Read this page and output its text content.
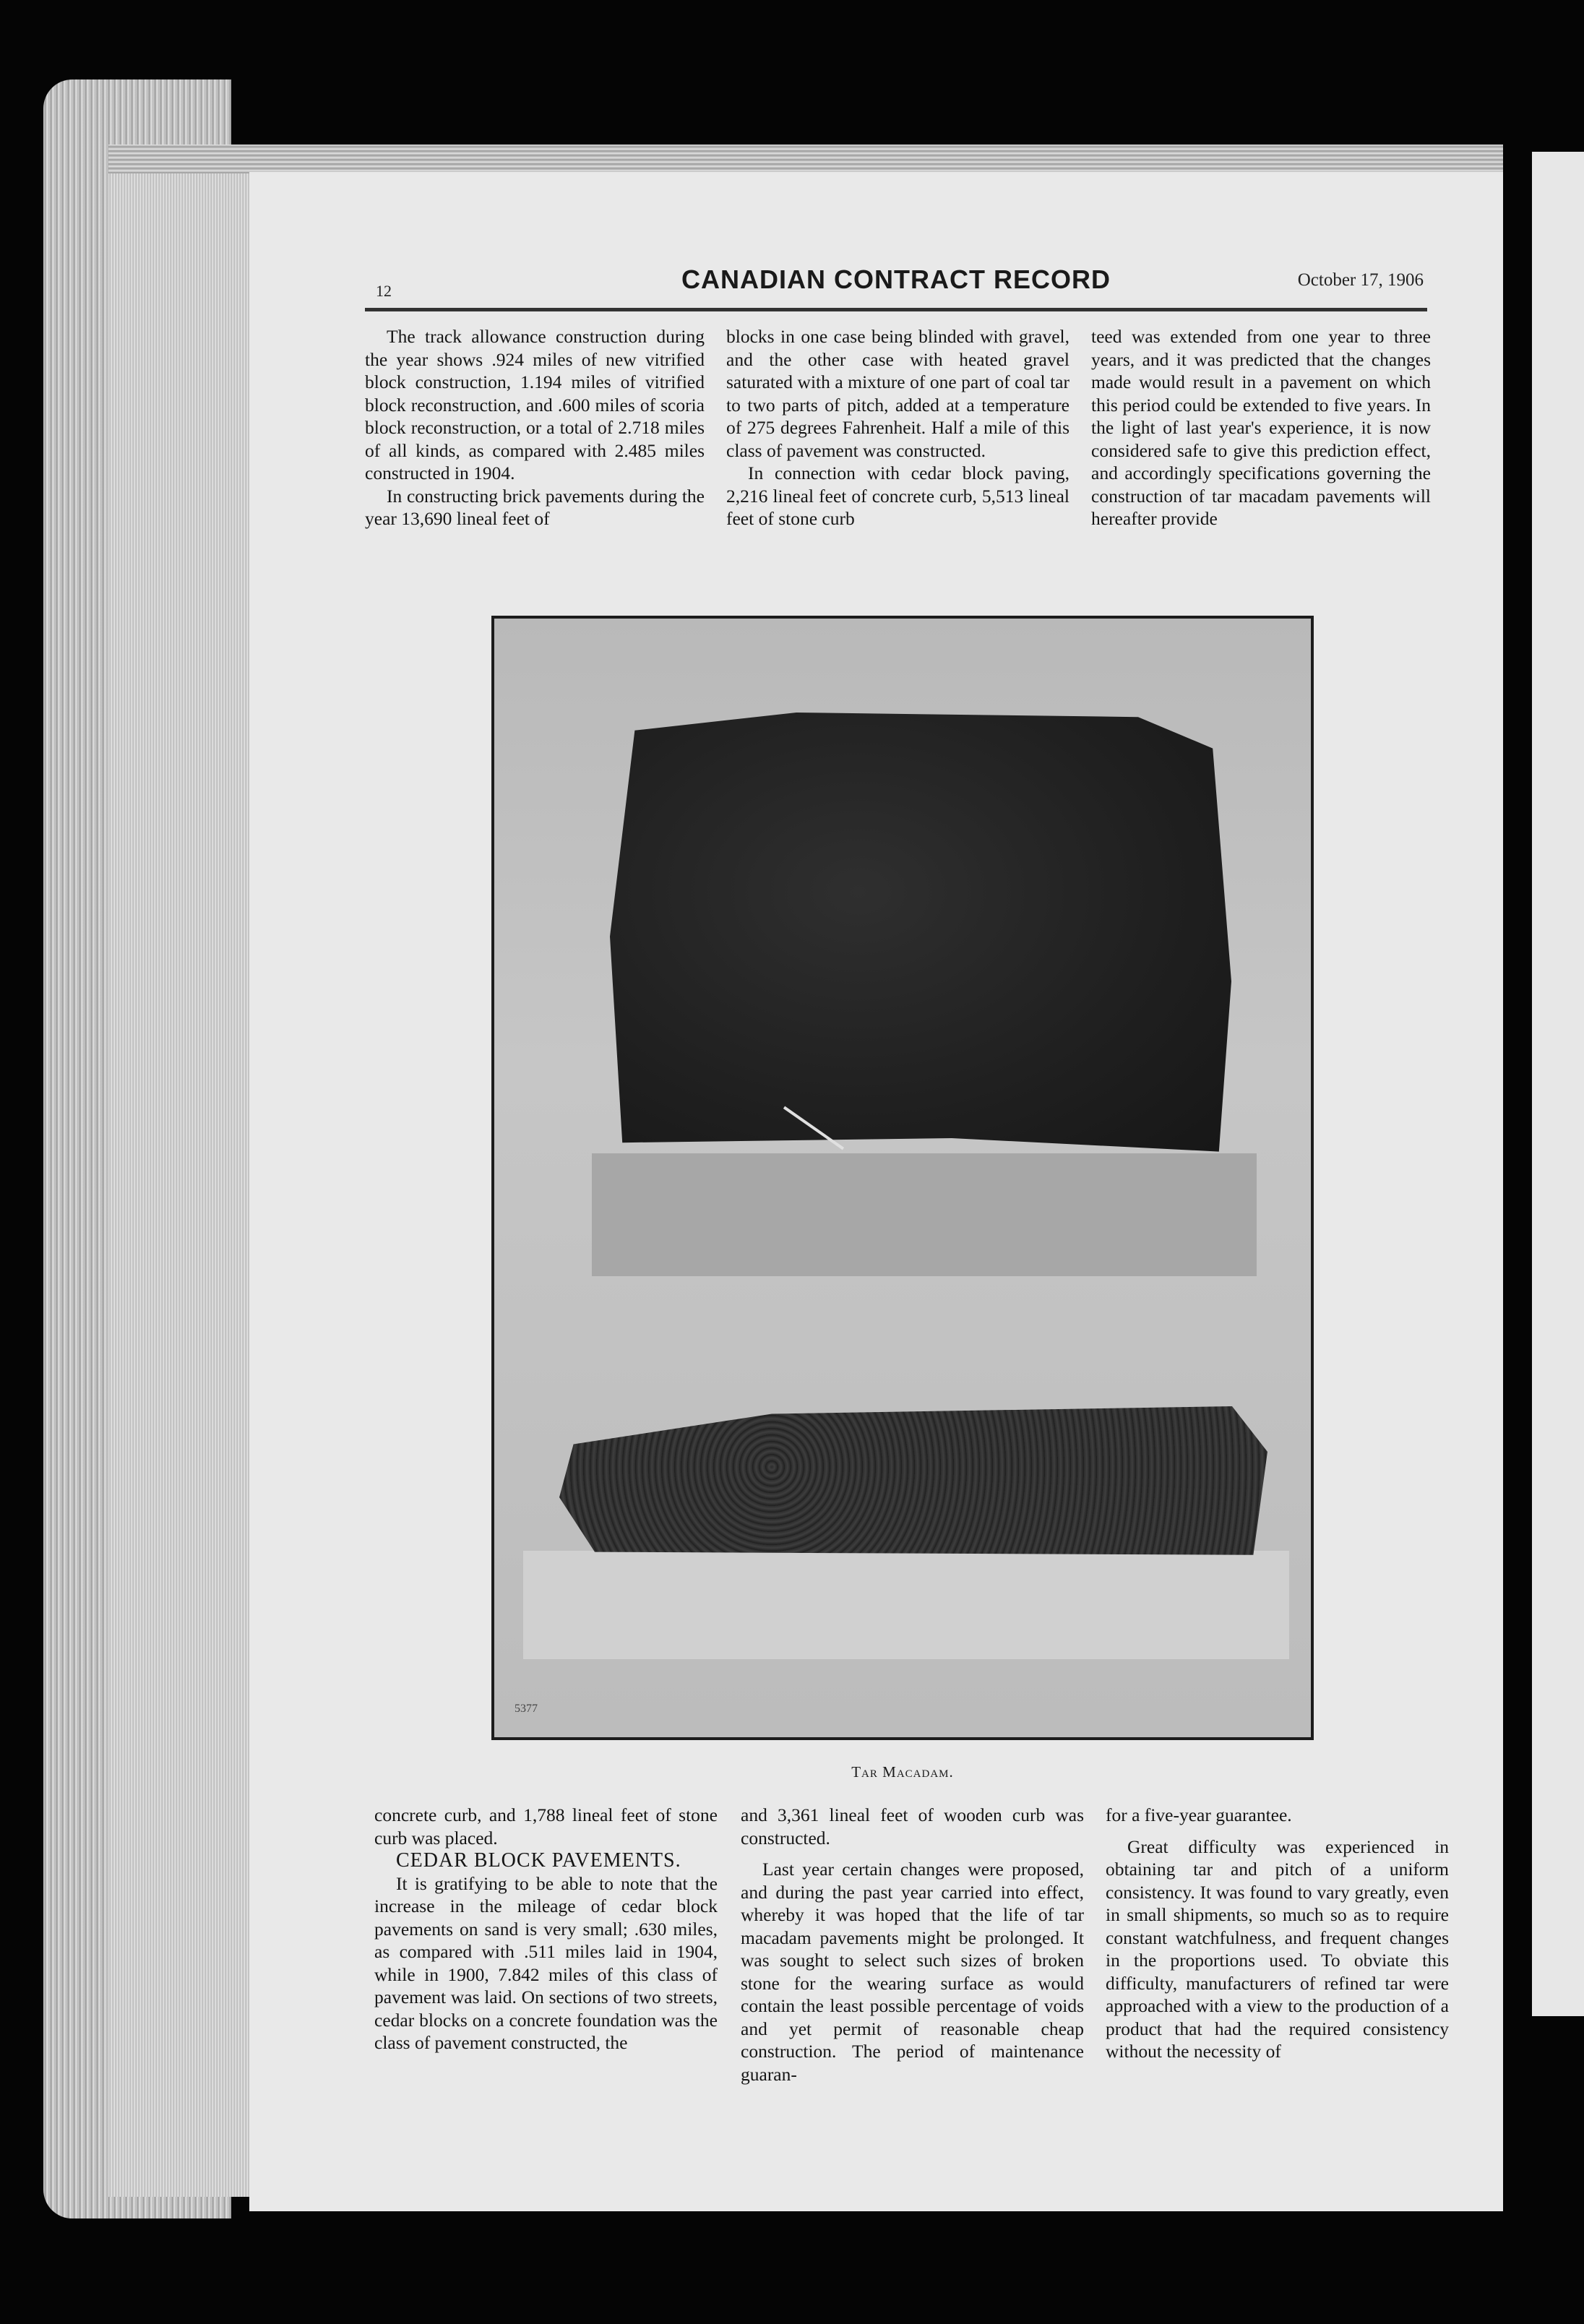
12	CANADIAN CONTRACT RECORD	October 17, 1906

The track allowance construction during the year shows .924 miles of new vitrified block construction, 1.194 miles of vitrified block reconstruction, and .600 miles of scoria block reconstruction, or a total of 2.718 miles of all kinds, as compared with 2.485 miles constructed in 1904.

In constructing brick pavements during the year 13,690 lineal feet of

blocks in one case being blinded with gravel, and the other case with heated gravel saturated with a mixture of one part of coal tar to two parts of pitch, added at a temperature of 275 degrees Fahrenheit. Half a mile of this class of pavement was constructed.

In connection with cedar block paving, 2,216 lineal feet of concrete curb, 5,513 lineal feet of stone curb

teed was extended from one year to three years, and it was predicted that the changes made would result in a pavement on which this period could be extended to five years. In the light of last year's experience, it is now considered safe to give this prediction effect, and accordingly specifications governing the construction of tar macadam pavements will hereafter provide

5377
Tar Macadam.

concrete curb, and 1,788 lineal feet of stone curb was placed.

CEDAR BLOCK PAVEMENTS.

It is gratifying to be able to note that the increase in the mileage of cedar block pavements on sand is very small; .630 miles, as compared with .511 miles laid in 1904, while in 1900, 7.842 miles of this class of pavement was laid. On sections of two streets, cedar blocks on a concrete foundation was the class of pavement constructed, the

and 3,361 lineal feet of wooden curb was constructed.

Last year certain changes were proposed, and during the past year carried into effect, whereby it was hoped that the life of tar macadam pavements might be prolonged. It was sought to select such sizes of broken stone for the wearing surface as would contain the least possible percentage of voids and yet permit of reasonable cheap construction. The period of maintenance guaran-

for a five-year guarantee.

Great difficulty was experienced in obtaining tar and pitch of a uniform consistency. It was found to vary greatly, even in small shipments, so much so as to require constant watchfulness, and frequent changes in the proportions used. To obviate this difficulty, manufacturers of refined tar were approached with a view to the production of a product that had the required consistency without the necessity of
